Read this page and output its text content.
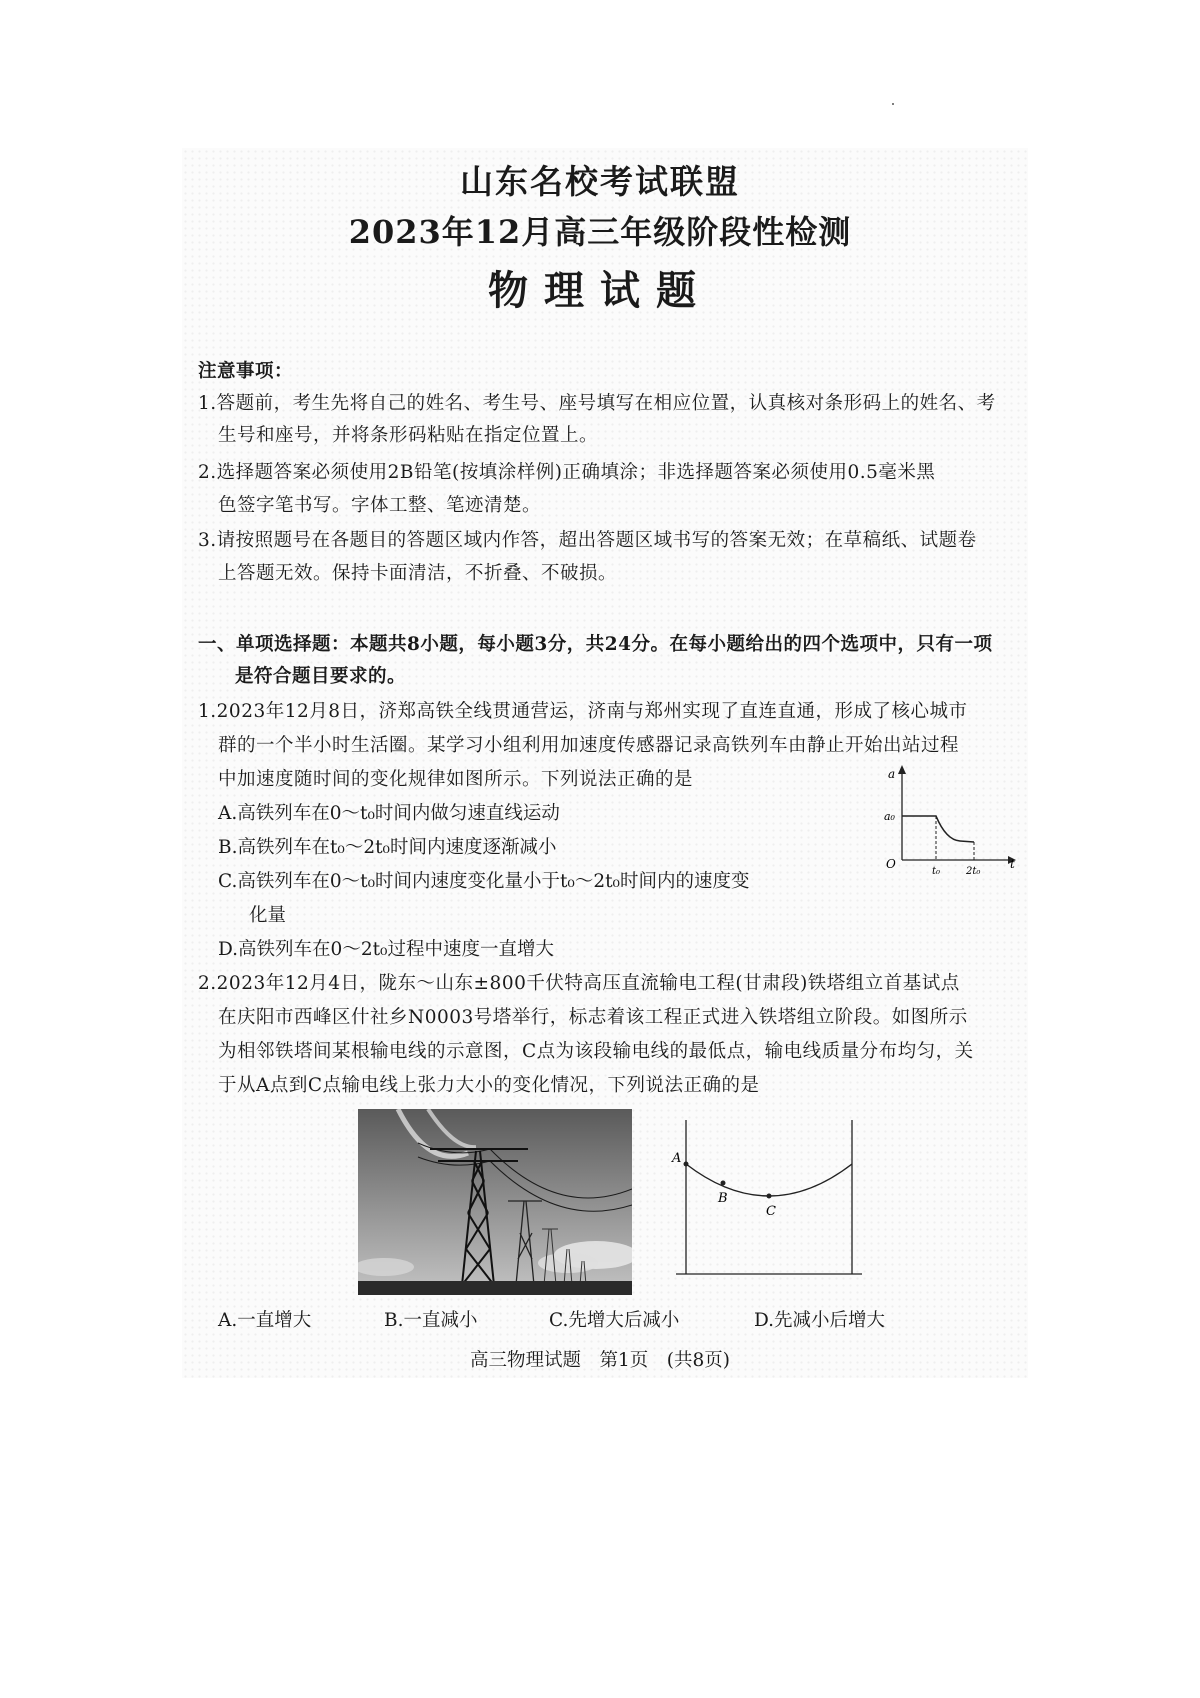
山东名校考试联盟
2023年12月高三年级阶段性检测
物理试题
注意事项：
1.答题前，考生先将自己的姓名、考生号、座号填写在相应位置，认真核对条形码上的姓名、考
生号和座号，并将条形码粘贴在指定位置上。
2.选择题答案必须使用2B铅笔(按填涂样例)正确填涂；非选择题答案必须使用0.5毫米黑
色签字笔书写。字体工整、笔迹清楚。
3.请按照题号在各题目的答题区域内作答，超出答题区域书写的答案无效；在草稿纸、试题卷
上答题无效。保持卡面清洁，不折叠、不破损。
一、单项选择题：本题共8小题，每小题3分，共24分。在每小题给出的四个选项中，只有一项
是符合题目要求的。
1.2023年12月8日，济郑高铁全线贯通营运，济南与郑州实现了直连直通，形成了核心城市
群的一个半小时生活圈。某学习小组利用加速度传感器记录高铁列车由静止开始出站过程
中加速度随时间的变化规律如图所示。下列说法正确的是
A.高铁列车在0～t₀时间内做匀速直线运动
B.高铁列车在t₀～2t₀时间内速度逐渐减小
C.高铁列车在0～t₀时间内速度变化量小于t₀～2t₀时间内的速度变
化量
D.高铁列车在0～2t₀过程中速度一直增大
a
a₀
O
t₀	2t₀
t
2.2023年12月4日，陇东～山东±800千伏特高压直流输电工程(甘肃段)铁塔组立首基试点
在庆阳市西峰区什社乡N0003号塔举行，标志着该工程正式进入铁塔组立阶段。如图所示
为相邻铁塔间某根输电线的示意图，C点为该段输电线的最低点，输电线质量分布均匀，关
于从A点到C点输电线上张力大小的变化情况，下列说法正确的是
A
B
C
A.一直增大	B.一直减小	C.先增大后减小	D.先减小后增大
高三物理试题　第1页　(共8页)
